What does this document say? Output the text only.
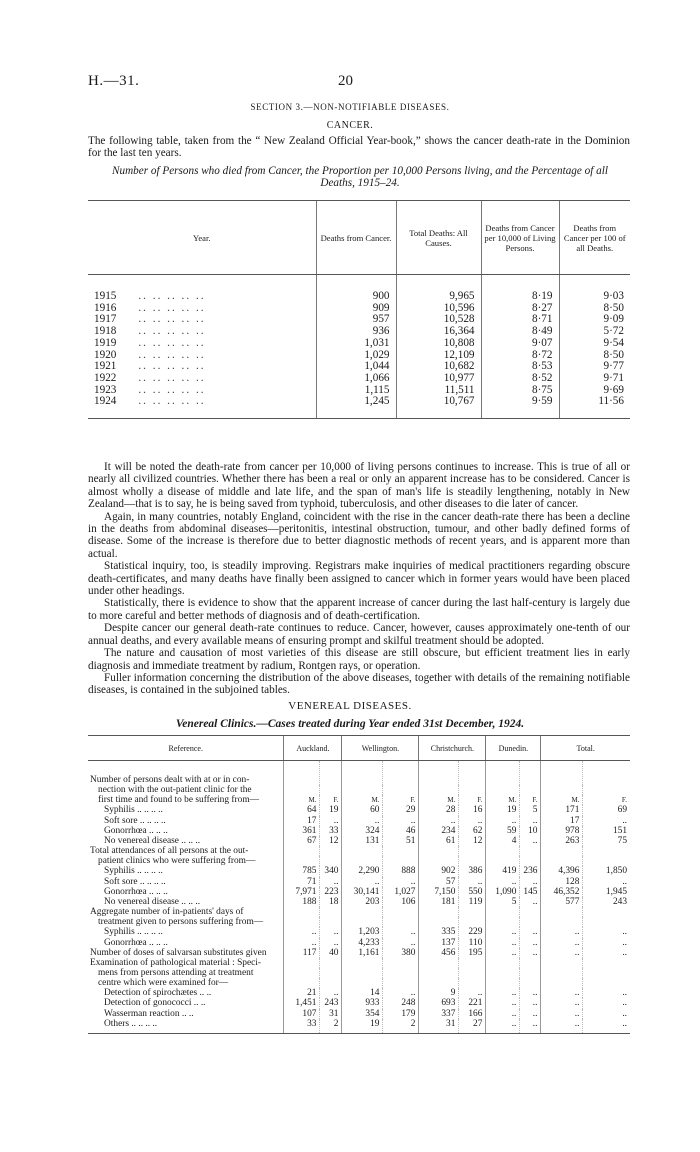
H.—31.	20
SECTION 3.—NON-NOTIFIABLE DISEASES.
CANCER.
The following table, taken from the “ New Zealand Official Year-book,” shows the cancer death-rate in the Dominion for the last ten years.
Number of Persons who died from Cancer, the Proportion per 10,000 Persons living, and the Percentage of all Deaths, 1915–24.
Year.	Deaths from Cancer.	Total Deaths: All Causes.	Deaths from Cancer per 10,000 of Living Persons.	Deaths from Cancer per 100 of all Deaths.

1915 .. .. .. .. ..	900	9,965	8·19	9·03
1916 .. .. .. .. ..	909	10,596	8·27	8·50
1917 .. .. .. .. ..	957	10,528	8·71	9·09
1918 .. .. .. .. ..	936	16,364	8·49	5·72
1919 .. .. .. .. ..	1,031	10,808	9·07	9·54
1920 .. .. .. .. ..	1,029	12,109	8·72	8·50
1921 .. .. .. .. ..	1,044	10,682	8·53	9·77
1922 .. .. .. .. ..	1,066	10,977	8·52	9·71
1923 .. .. .. .. ..	1,115	11,511	8·75	9·69
1924 .. .. .. .. ..	1,245	10,767	9·59	11·56

It will be noted the death-rate from cancer per 10,000 of living persons continues to increase. This is true of all or nearly all civilized countries. Whether there has been a real or only an apparent increase has to be considered. Cancer is almost wholly a disease of middle and late life, and the span of man's life is steadily lengthening, notably in New Zealand—that is to say, he is being saved from typhoid, tuberculosis, and other diseases to die later of cancer.

Again, in many countries, notably England, coincident with the rise in the cancer death-rate there has been a decline in the deaths from abdominal diseases—peritonitis, intestinal obstruction, tumour, and other badly defined forms of disease. Some of the increase is therefore due to better diagnostic methods of recent years, and is apparent more than actual.

Statistical inquiry, too, is steadily improving. Registrars make inquiries of medical practitioners regarding obscure death-certificates, and many deaths have finally been assigned to cancer which in former years would have been placed under other headings.

Statistically, there is evidence to show that the apparent increase of cancer during the last half-century is largely due to more careful and better methods of diagnosis and of death-certification.

Despite cancer our general death-rate continues to reduce. Cancer, however, causes approximately one-tenth of our annual deaths, and every available means of ensuring prompt and skilful treatment should be adopted.

The nature and causation of most varieties of this disease are still obscure, but efficient treatment lies in early diagnosis and immediate treatment by radium, Rontgen rays, or operation.

Fuller information concerning the distribution of the above diseases, together with details of the remaining notifiable diseases, is contained in the subjoined tables.

VENEREAL DISEASES.
Venereal Clinics.—Cases treated during Year ended 31st December, 1924.
Reference.	Auckland.		Wellington.		Christchurch.		Dunedin.		Total.	
Number of persons dealt with at or in con-										
nection with the out-patient clinic for the										
first time and found to be suffering from—	M.	F.	M.	F.	M.	F.	M.	F.	M.	F.
Syphilis .. .. .. ..	64	19	60	29	28	16	19	5	171	69
Soft sore .. .. .. ..	17	..	..	..	..	..	..	..	17	..
Gonorrhœa .. .. ..	361	33	324	46	234	62	59	10	978	151
No venereal disease .. .. ..	67	12	131	51	61	12	4	..	263	75
Total attendances of all persons at the out-										
patient clinics who were suffering from—										
Syphilis .. .. .. ..	785	340	2,290	888	902	386	419	236	4,396	1,850
Soft sore .. .. .. ..	71	..	..	..	57	..	..	..	128	..
Gonorrhœa .. .. ..	7,971	223	30,141	1,027	7,150	550	1,090	145	46,352	1,945
No venereal disease .. .. ..	188	18	203	106	181	119	5	..	577	243
Aggregate number of in-patients' days of										
treatment given to persons suffering from—										
Syphilis .. .. .. ..	..	..	1,203	..	335	229	..	..	..	..
Gonorrhœa .. .. ..	..	..	4,233	..	137	110	..	..	..	..
Number of doses of salvarsan substitutes given	117	40	1,161	380	456	195	..	..	..	..
Examination of pathological material : Speci-										
mens from persons attending at treatment										
centre which were examined for—										
Detection of spirochætes .. ..	21	..	14	..	9	..	..	..	..	..
Detection of gonococci .. ..	1,451	243	933	248	693	221	..	..	..	..
Wasserman reaction .. ..	107	31	354	179	337	166	..	..	..	..
Others .. .. .. ..	33	2	19	2	31	27	..	..	..	..
